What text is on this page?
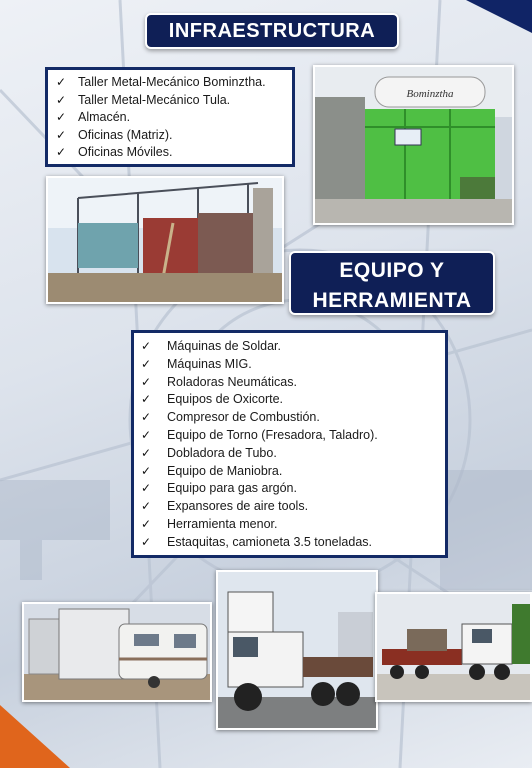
INFRAESTRUCTURA
✓ Taller Metal-Mecánico Bominztha.
✓ Taller Metal-Mecánico Tula.
✓ Almacén.
✓ Oficinas (Matriz).
✓ Oficinas Móviles.
Bominztha
EQUIPO Y
HERRAMIENTA
✓ Máquinas de Soldar.
✓ Máquinas MIG.
✓ Roladoras Neumáticas.
✓ Equipos de Oxicorte.
✓ Compresor de Combustión.
✓ Equipo de Torno (Fresadora, Taladro).
✓ Dobladora de Tubo.
✓ Equipo de Maniobra.
✓ Equipo para gas argón.
✓ Expansores de aire tools.
✓ Herramienta menor.
✓ Estaquitas, camioneta 3.5 toneladas.
